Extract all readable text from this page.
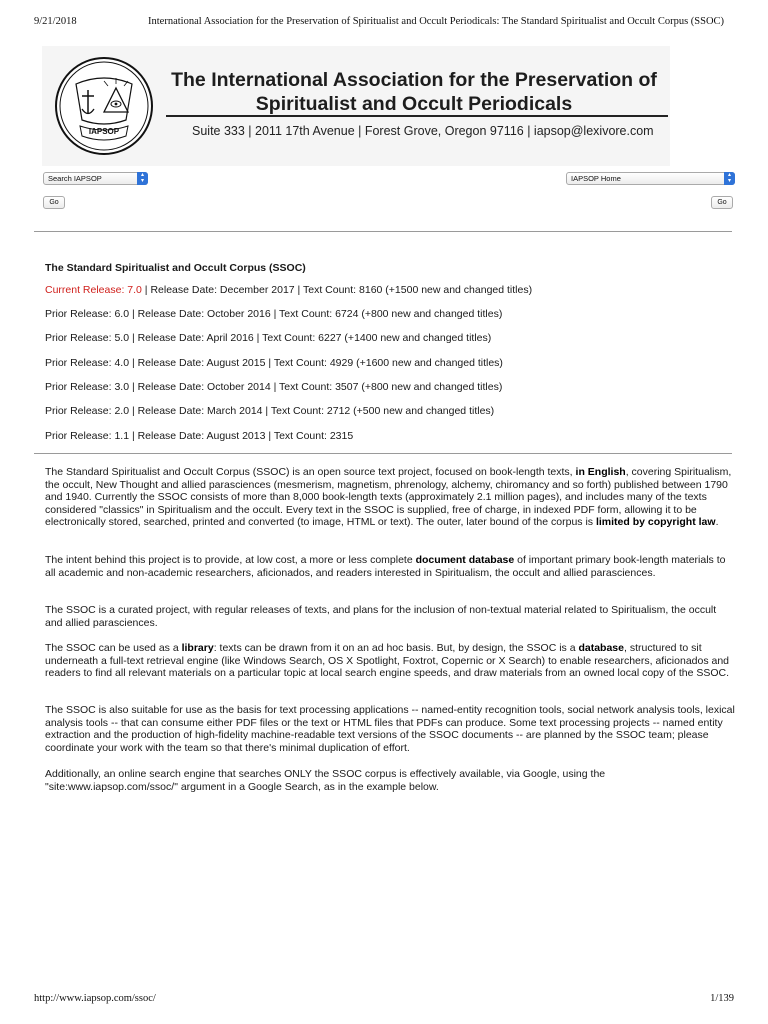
9/21/2018	International Association for the Preservation of Spiritualist and Occult Periodicals: The Standard Spiritualist and Occult Corpus (SSOC)
IAPSOP
The International Association for the Preservation of
Spiritualist and Occult Periodicals
Suite 333 | 2011 17th Avenue | Forest Grove, Oregon 97116 | iapsop@lexivore.com
Search IAPSOP	▴
▾
Go
IAPSOP Home	▴
▾
Go
The Standard Spiritualist and Occult Corpus (SSOC)
Current Release: 7.0 | Release Date: December 2017 | Text Count: 8160 (+1500 new and changed titles)
Prior Release: 6.0 | Release Date: October 2016 | Text Count: 6724 (+800 new and changed titles)
Prior Release: 5.0 | Release Date: April 2016 | Text Count: 6227 (+1400 new and changed titles)
Prior Release: 4.0 | Release Date: August 2015 | Text Count: 4929 (+1600 new and changed titles)
Prior Release: 3.0 | Release Date: October 2014 | Text Count: 3507 (+800 new and changed titles)
Prior Release: 2.0 | Release Date: March 2014 | Text Count: 2712 (+500 new and changed titles)
Prior Release: 1.1 | Release Date: August 2013 | Text Count: 2315

The Standard Spiritualist and Occult Corpus (SSOC) is an open source text project, focused on book-length texts, in English, covering Spiritualism, the occult, New Thought and allied parasciences (mesmerism, magnetism, phrenology, alchemy, chiromancy and so forth) published between 1790 and 1940. Currently the SSOC consists of more than 8,000 book-length texts (approximately 2.1 million pages), and includes many of the texts considered "classics" in Spiritualism and the occult. Every text in the SSOC is supplied, free of charge, in indexed PDF form, allowing it to be electronically stored, searched, printed and converted (to image, HTML or text). The outer, later bound of the corpus is limited by copyright law.

The intent behind this project is to provide, at low cost, a more or less complete document database of important primary book-length materials to all academic and non-academic researchers, aficionados, and readers interested in Spiritualism, the occult and allied parasciences.

The SSOC is a curated project, with regular releases of texts, and plans for the inclusion of non-textual material related to Spiritualism, the occult and allied parasciences.

The SSOC can be used as a library: texts can be drawn from it on an ad hoc basis. But, by design, the SSOC is a database, structured to sit underneath a full-text retrieval engine (like Windows Search, OS X Spotlight, Foxtrot, Copernic or X Search) to enable researchers, aficionados and readers to find all relevant materials on a particular topic at local search engine speeds, and draw materials from an owned local copy of the SSOC.

The SSOC is also suitable for use as the basis for text processing applications -- named-entity recognition tools, social network analysis tools, lexical analysis tools -- that can consume either PDF files or the text or HTML files that PDFs can produce. Some text processing projects -- named entity extraction and the production of high-fidelity machine-readable text versions of the SSOC documents -- are planned by the SSOC team; please coordinate your work with the team so that there's minimal duplication of effort.

Additionally, an online search engine that searches ONLY the SSOC corpus is effectively available, via Google, using the "site:www.iapsop.com/ssoc/" argument in a Google Search, as in the example below.

http://www.iapsop.com/ssoc/	1/139
